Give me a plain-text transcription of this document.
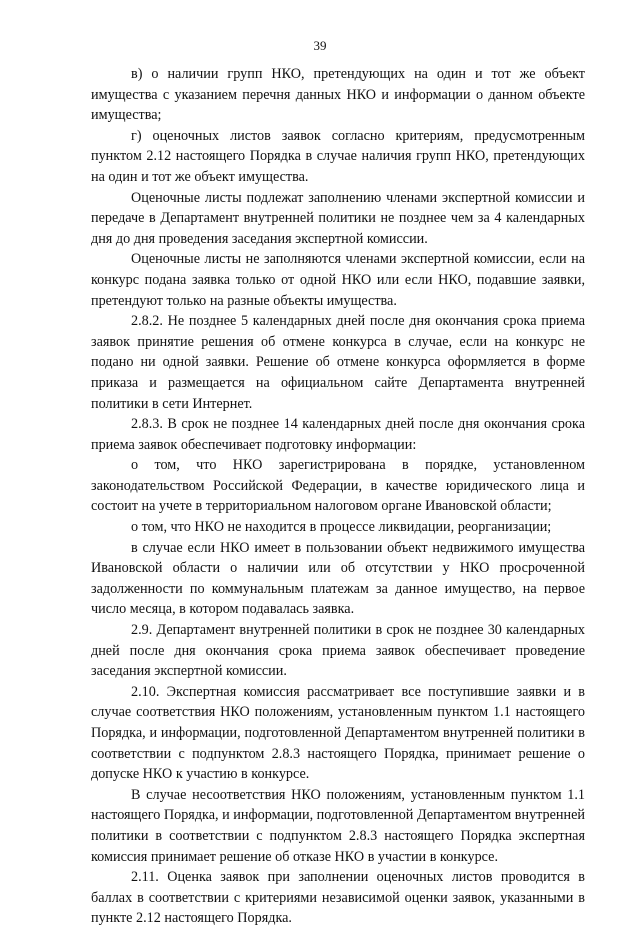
39

в) о наличии групп НКО, претендующих на один и тот же объект имущества с указанием перечня данных НКО и информации о данном объекте имущества;

г) оценочных листов заявок согласно критериям, предусмотренным пунктом 2.12 настоящего Порядка в случае наличия групп НКО, претендующих на один и тот же объект имущества.

Оценочные листы подлежат заполнению членами экспертной комиссии и передаче в Департамент внутренней политики не позднее чем за 4 календарных дня до дня проведения заседания экспертной комиссии.

Оценочные листы не заполняются членами экспертной комиссии, если на конкурс подана заявка только от одной НКО или если НКО, подавшие заявки, претендуют только на разные объекты имущества.

2.8.2. Не позднее 5 календарных дней после дня окончания срока приема заявок принятие решения об отмене конкурса в случае, если на конкурс не подано ни одной заявки. Решение об отмене конкурса оформляется в форме приказа и размещается на официальном сайте Департамента внутренней политики в сети Интернет.

2.8.3. В срок не позднее 14 календарных дней после дня окончания срока приема заявок обеспечивает подготовку информации:

о том, что НКО зарегистрирована в порядке, установленном законодательством Российской Федерации, в качестве юридического лица и состоит на учете в территориальном налоговом органе Ивановской области;

о том, что НКО не находится в процессе ликвидации, реорганизации;

в случае если НКО имеет в пользовании объект недвижимого имущества Ивановской области о наличии или об отсутствии у НКО просроченной задолженности по коммунальным платежам за данное имущество, на первое число месяца, в котором подавалась заявка.

2.9. Департамент внутренней политики в срок не позднее 30 календарных дней после дня окончания срока приема заявок обеспечивает проведение заседания экспертной комиссии.

2.10. Экспертная комиссия рассматривает все поступившие заявки и в случае соответствия НКО положениям, установленным пунктом 1.1 настоящего Порядка, и информации, подготовленной Департаментом внутренней политики в соответствии с подпунктом 2.8.3 настоящего Порядка, принимает решение о допуске НКО к участию в конкурсе.

В случае несоответствия НКО положениям, установленным пунктом 1.1 настоящего Порядка, и информации, подготовленной Департаментом внутренней политики в соответствии с подпунктом 2.8.3 настоящего Порядка экспертная комиссия принимает решение об отказе НКО в участии в конкурсе.

2.11. Оценка заявок при заполнении оценочных листов проводится в баллах в соответствии с критериями независимой оценки заявок, указанными в пункте 2.12 настоящего Порядка.
